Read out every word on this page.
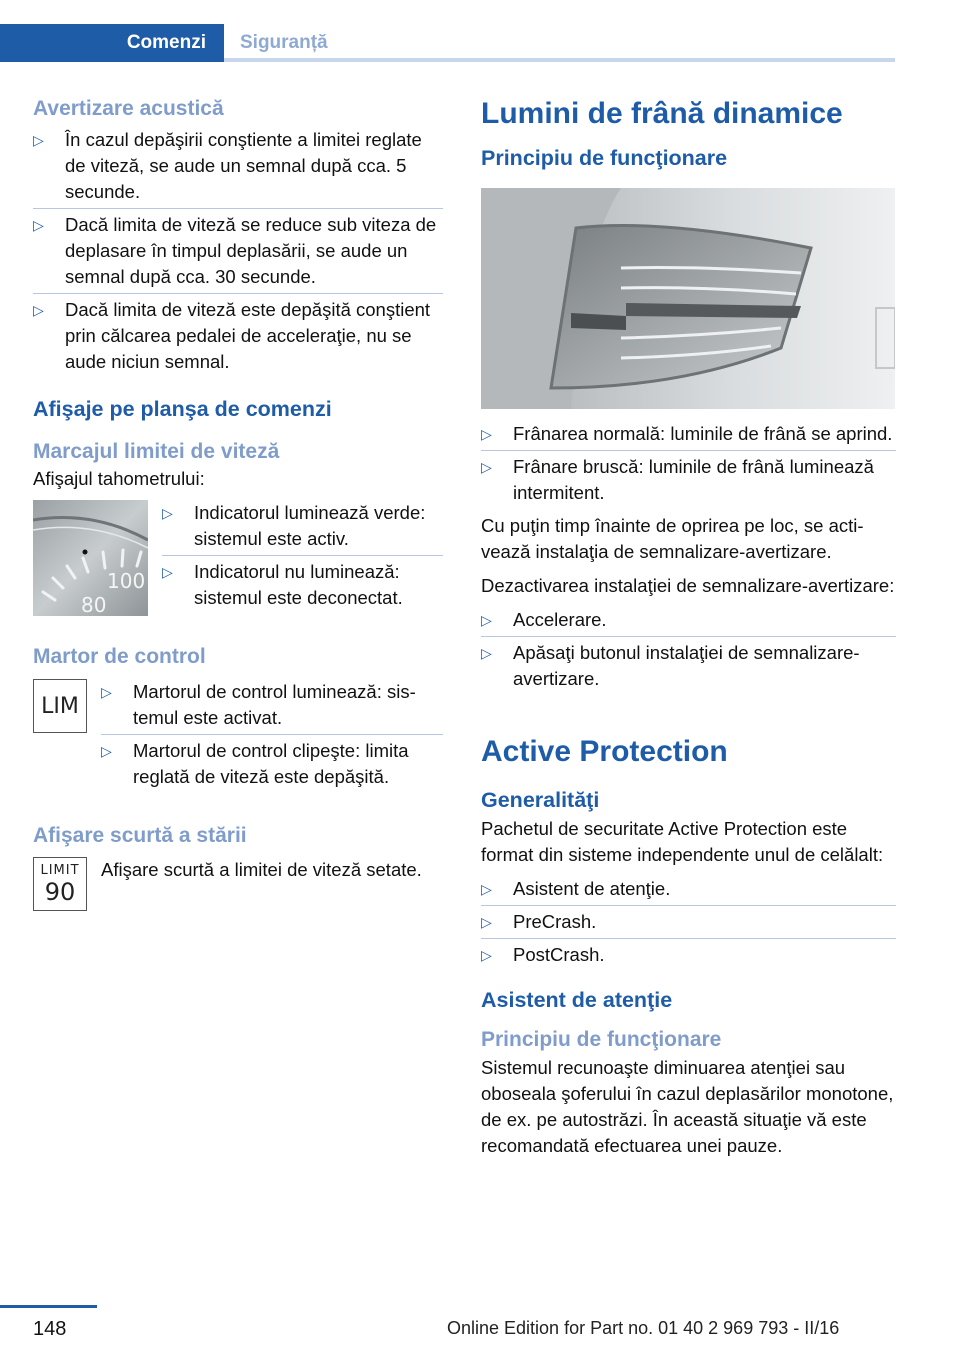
Comenzi Siguranță
Avertizare acustică
▷ În cazul depăşirii conştiente a limitei reglate de viteză, se aude un semnal după cca. 5 secunde.
▷ Dacă limita de viteză se reduce sub viteza de deplasare în timpul deplasării, se aude un semnal după cca. 30 secunde.
▷ Dacă limita de viteză este depăşită conştient prin călcarea pedalei de acceleraţie, nu se aude niciun semnal.
Afişaje pe planşa de comenzi
Marcajul limitei de viteză

Afişajul tahometrului:

100
80
▷ Indicatorul luminează verde: sistemul este activ.
▷ Indicatorul nu luminează: sistemul este deconectat.
Martor de control
LIM
▷ Martorul de control luminează: sistemul este activat.
▷ Martorul de control clipeşte: limita reglată de viteză este depăşită.
Afişare scurtă a stării
LIMIT
90

Afişare scurtă a limitei de viteză setate.

Lumini de frână dinamice
Principiu de funcţionare
▷ Frânarea normală: luminile de frână se aprind.
▷ Frânare bruscă: luminile de frână luminează intermitent.

Cu puţin timp înainte de oprirea pe loc, se activează instalaţia de semnalizare-avertizare.

Dezactivarea instalaţiei de semnalizare-avertizare:

▷ Accelerare.
▷ Apăsaţi butonul instalaţiei de semnalizare-avertizare.
Active Protection
Generalităţi

Pachetul de securitate Active Protection este format din sisteme independente unul de celălalt:

▷ Asistent de atenţie.
▷ PreCrash.
▷ PostCrash.
Asistent de atenţie
Principiu de funcţionare

Sistemul recunoaşte diminuarea atenţiei sau oboseala şoferului în cazul deplasărilor monotone, de ex. pe autostrăzi. În această situaţie vă este recomandată efectuarea unei pauze.

148	Online Edition for Part no. 01 40 2 969 793 - II/16
